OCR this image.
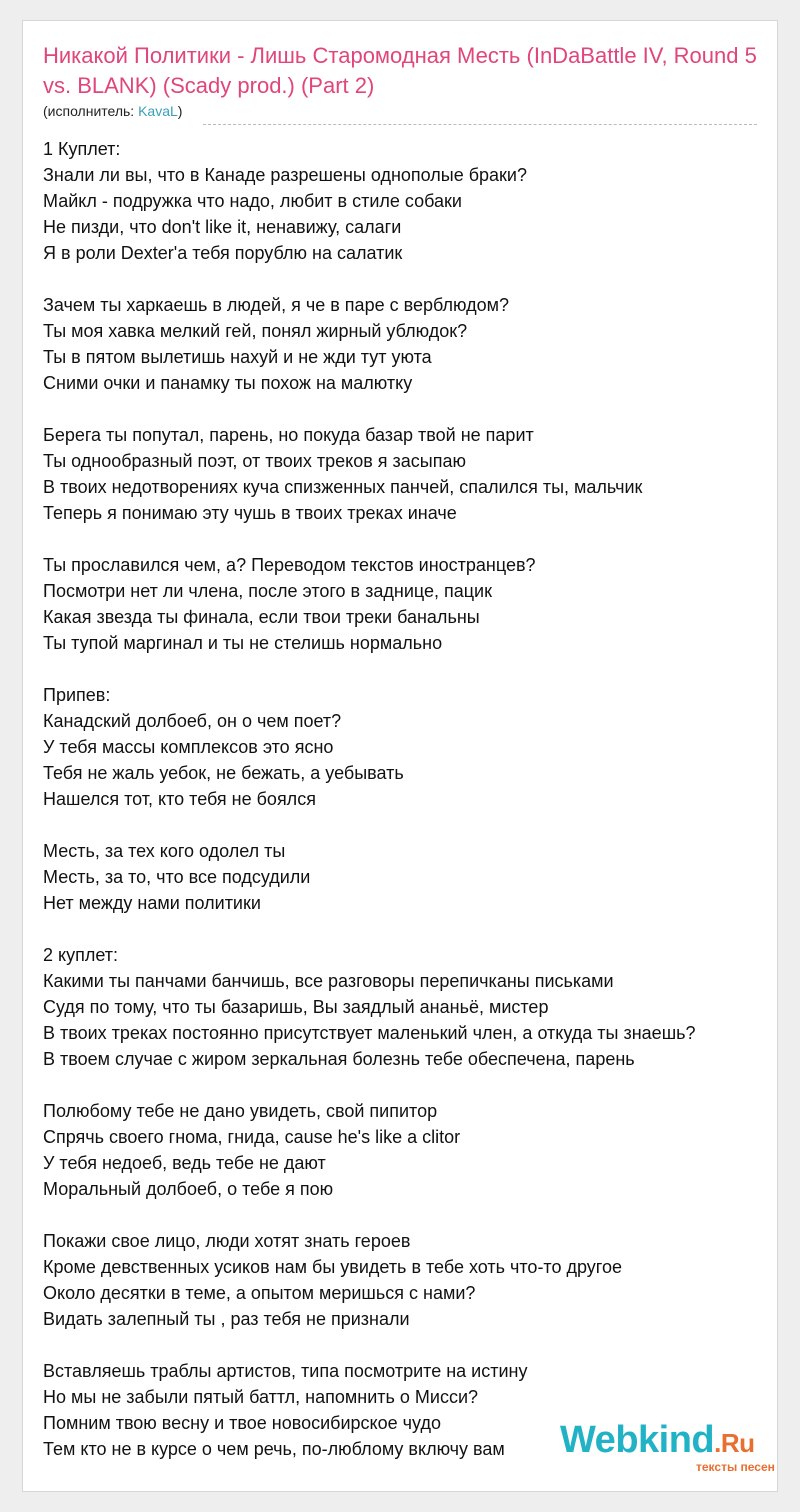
Никакой Политики - Лишь Старомодная Месть (InDaBattle IV, Round 5 vs. BLANK) (Scady prod.) (Part 2)
(исполнитель: KavaL)
1 Куплет:
Знали ли вы, что в Канаде разрешены однополые браки?
Майкл - подружка что надо, любит в стиле собаки
Не пизди, что don't like it, ненавижу, салаги
Я в роли Dexter'a тебя порублю на салатик
Зачем ты харкаешь в людей, я че в паре с верблюдом?
Ты моя хавка мелкий гей, понял жирный ублюдок?
Ты в пятом вылетишь нахуй и не жди тут уюта
Сними очки и панамку ты похож на малютку
Берега ты попутал, парень, но покуда базар твой не парит
Ты однообразный поэт, от твоих треков я засыпаю
В твоих недотворениях куча спизженных панчей, спалился ты, мальчик
Теперь я понимаю эту чушь в твоих треках иначе
Ты прославился чем, а? Переводом текстов иностранцев?
Посмотри нет ли члена, после этого в заднице, пацик
Какая звезда ты финала, если твои треки банальны
Ты тупой маргинал и ты не стелишь нормально
Припев:
Канадский долбоеб, он о чем поет?
У тебя массы комплексов это ясно
Тебя не жаль уебок, не бежать, а уебывать
Нашелся тот, кто тебя не боялся
Месть, за тех кого одолел ты
Месть, за то, что все подсудили
Нет между нами политики
2 куплет:
Какими ты панчами банчишь, все разговоры перепичканы письками
Судя по тому, что ты базаришь, Вы заядлый ананьё, мистер
В твоих треках постоянно присутствует маленький член, а откуда ты знаешь?
В твоем случае с жиром зеркальная болезнь тебе обеспечена, парень
Полюбому тебе не дано увидеть, свой пипитор
Спрячь своего гнома, гнида, cause he's like a clitor
У тебя недоеб, ведь тебе не дают
Моральный долбоеб, о тебе я пою
Покажи свое лицо, люди хотят знать героев
Кроме девственных усиков нам бы увидеть в тебе хоть что-то другое
Около десятки в теме, а опытом меришься с нами?
Видать залепный ты , раз тебя не признали
Вставляешь траблы артистов, типа посмотрите на истину
Но мы не забыли пятый баттл, напомнить о Мисси?
Помним твою весну и твое новосибирское чудо
Тем кто не в курсе о чем речь, по-люблому включу вам	Webkind.Ru
тексты песен
